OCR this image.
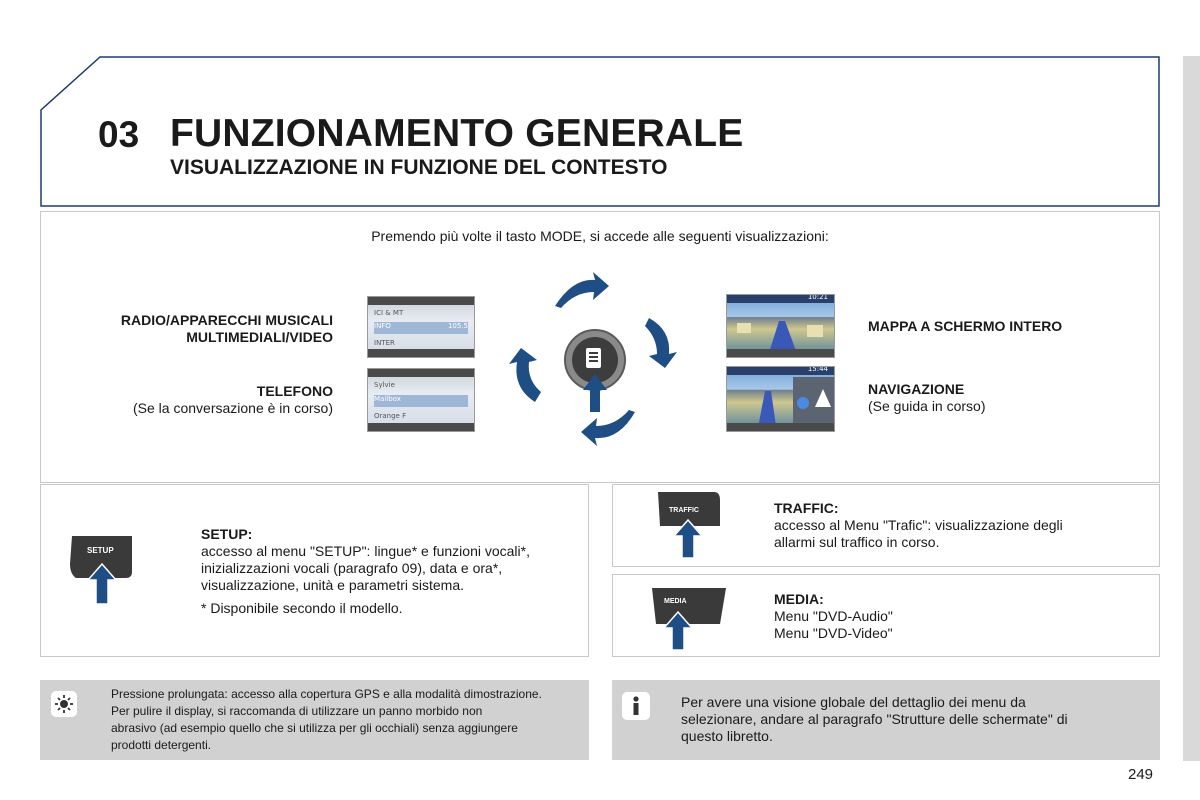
03 FUNZIONAMENTO GENERALE
VISUALIZZAZIONE IN FUNZIONE DEL CONTESTO
Premendo più volte il tasto MODE, si accede alle seguenti visualizzazioni:
RADIO/APPARECCHI MUSICALI
MULTIMEDIALI/VIDEO
TELEFONO
(Se la conversazione è in corso)
MAPPA A SCHERMO INTERO
NAVIGAZIONE
(Se guida in corso)
ICI & MT
INFO	105.5
INTER
Sylvie
Mailbox
Orange F
10:21
15:44
SETUP
SETUP:
accesso al menu "SETUP": lingue* e funzioni vocali*,
inizializzazioni vocali (paragrafo 09), data e ora*,
visualizzazione, unità e parametri sistema.
* Disponibile secondo il modello.
TRAFFIC	TRAFFIC:
accesso al Menu "Trafic": visualizzazione degli
allarmi sul traffico in corso.
MEDIA	MEDIA:
Menu "DVD-Audio"
Menu "DVD-Video"
Pressione prolungata: accesso alla copertura GPS e alla modalità dimostrazione.
Per pulire il display, si raccomanda di utilizzare un panno morbido non
abrasivo (ad esempio quello che si utilizza per gli occhiali) senza aggiungere
prodotti detergenti.
Per avere una visione globale del dettaglio dei menu da
selezionare, andare al paragrafo "Strutture delle schermate" di
questo libretto.
249
